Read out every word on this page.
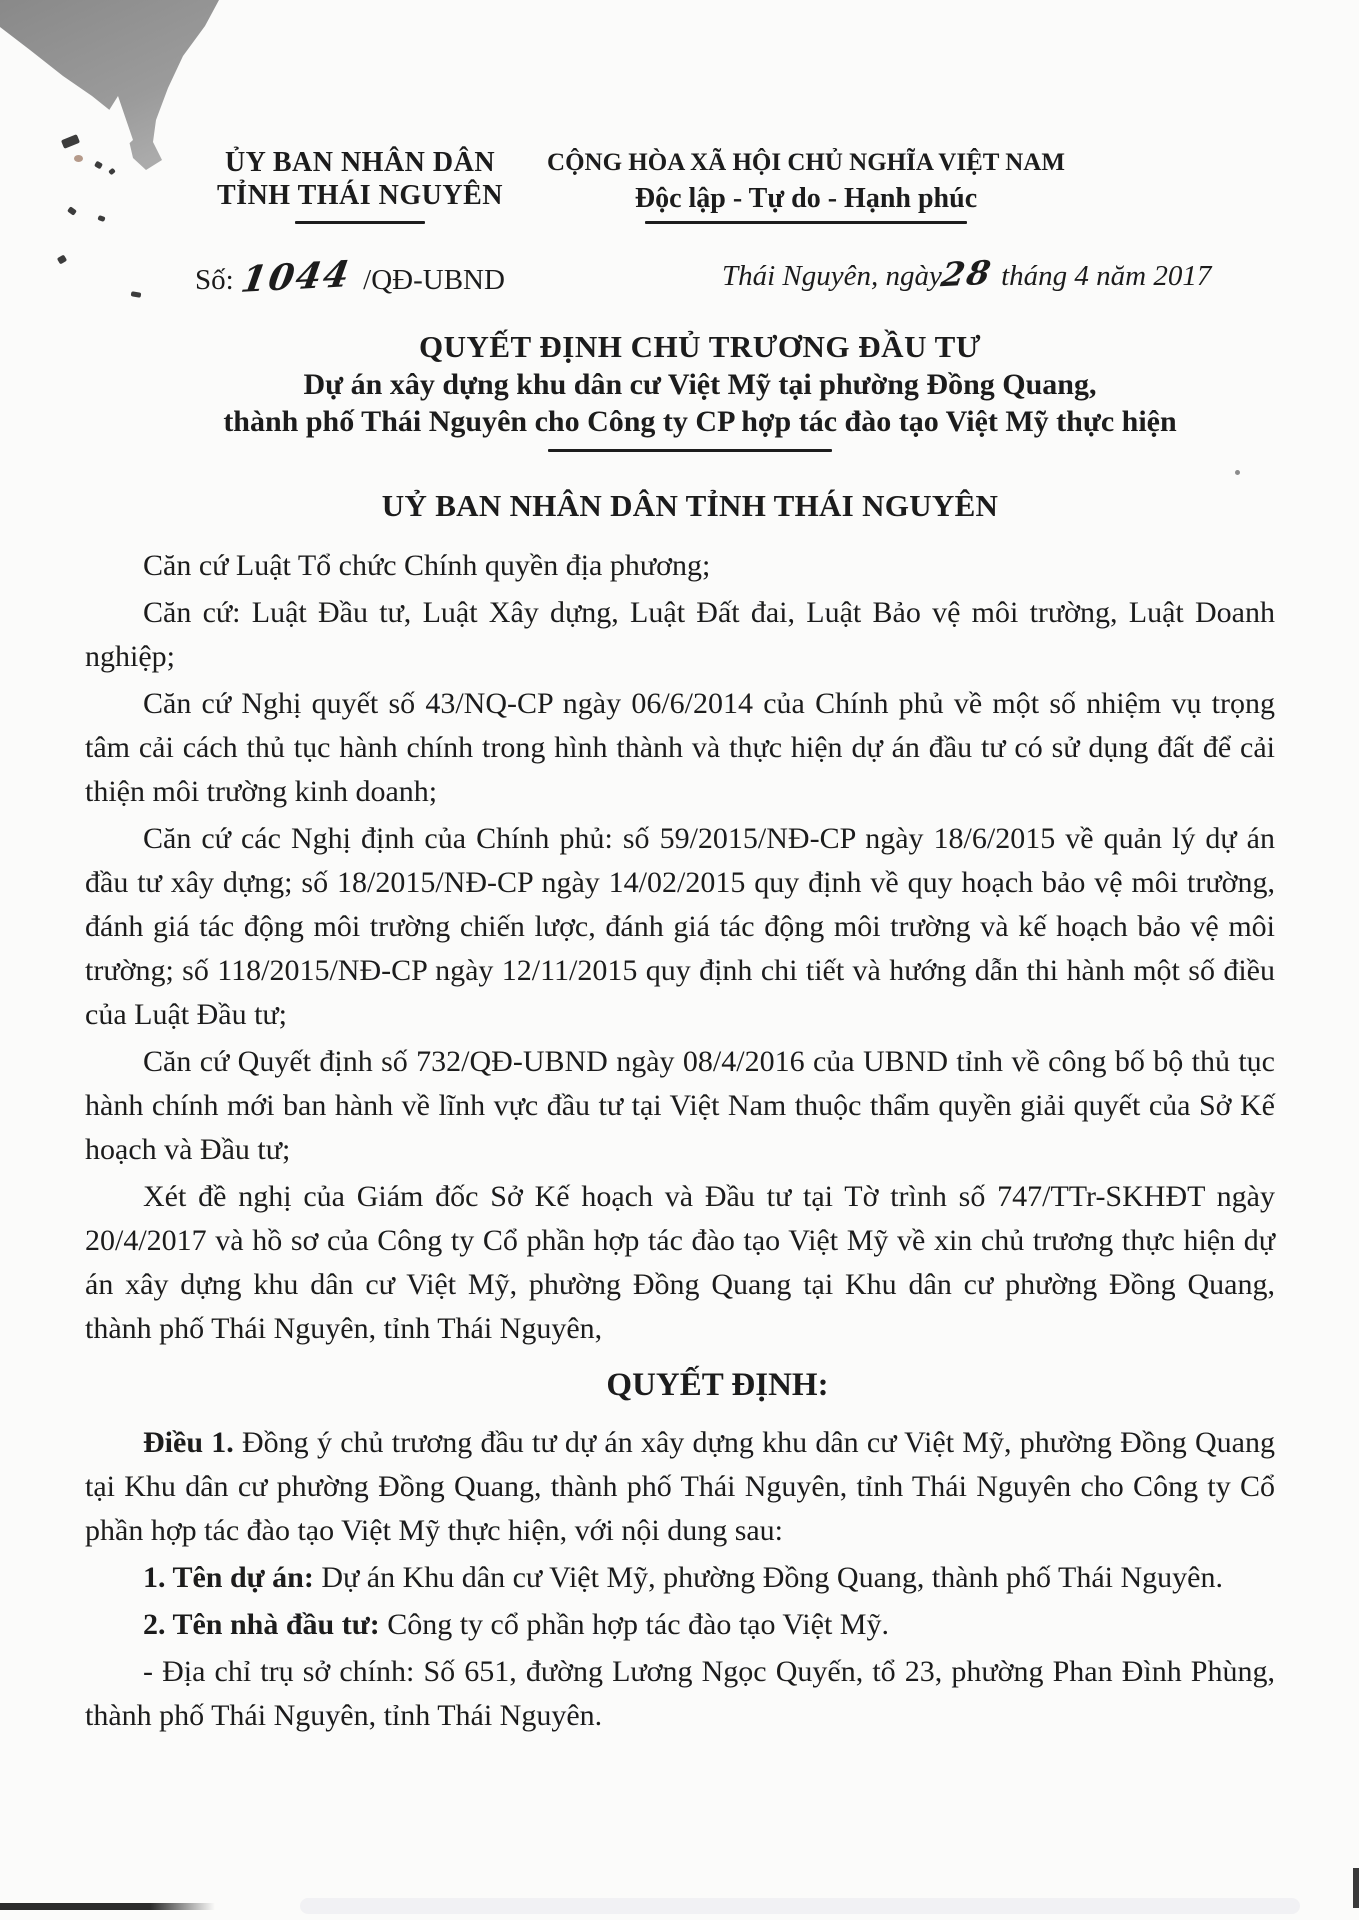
ỦY BAN NHÂN DÂN
TỈNH THÁI NGUYÊN
Số: 1044 /QĐ-UBND
CỘNG HÒA XÃ HỘI CHỦ NGHĨA VIỆT NAM
Độc lập - Tự do - Hạnh phúc
Thái Nguyên, ngày28 tháng 4 năm 2017
QUYẾT ĐỊNH CHỦ TRƯƠNG ĐẦU TƯ
Dự án xây dựng khu dân cư Việt Mỹ tại phường Đồng Quang,
thành phố Thái Nguyên cho Công ty CP hợp tác đào tạo Việt Mỹ thực hiện
UỶ BAN NHÂN DÂN TỈNH THÁI NGUYÊN

Căn cứ Luật Tổ chức Chính quyền địa phương;

Căn cứ: Luật Đầu tư, Luật Xây dựng, Luật Đất đai, Luật Bảo vệ môi trường, Luật Doanh nghiệp;

Căn cứ Nghị quyết số 43/NQ-CP ngày 06/6/2014 của Chính phủ về một số nhiệm vụ trọng tâm cải cách thủ tục hành chính trong hình thành và thực hiện dự án đầu tư có sử dụng đất để cải thiện môi trường kinh doanh;

Căn cứ các Nghị định của Chính phủ: số 59/2015/NĐ-CP ngày 18/6/2015 về quản lý dự án đầu tư xây dựng; số 18/2015/NĐ-CP ngày 14/02/2015 quy định về quy hoạch bảo vệ môi trường, đánh giá tác động môi trường chiến lược, đánh giá tác động môi trường và kế hoạch bảo vệ môi trường; số 118/2015/NĐ-CP ngày 12/11/2015 quy định chi tiết và hướng dẫn thi hành một số điều của Luật Đầu tư;

Căn cứ Quyết định số 732/QĐ-UBND ngày 08/4/2016 của UBND tỉnh về công bố bộ thủ tục hành chính mới ban hành về lĩnh vực đầu tư tại Việt Nam thuộc thẩm quyền giải quyết của Sở Kế hoạch và Đầu tư;

Xét đề nghị của Giám đốc Sở Kế hoạch và Đầu tư tại Tờ trình số 747/TTr-SKHĐT ngày 20/4/2017 và hồ sơ của Công ty Cổ phần hợp tác đào tạo Việt Mỹ về xin chủ trương thực hiện dự án xây dựng khu dân cư Việt Mỹ, phường Đồng Quang tại Khu dân cư phường Đồng Quang, thành phố Thái Nguyên, tỉnh Thái Nguyên,

QUYẾT ĐỊNH:

Điều 1. Đồng ý chủ trương đầu tư dự án xây dựng khu dân cư Việt Mỹ, phường Đồng Quang tại Khu dân cư phường Đồng Quang, thành phố Thái Nguyên, tỉnh Thái Nguyên cho Công ty Cổ phần hợp tác đào tạo Việt Mỹ thực hiện, với nội dung sau:

1. Tên dự án: Dự án Khu dân cư Việt Mỹ, phường Đồng Quang, thành phố Thái Nguyên.

2. Tên nhà đầu tư: Công ty cổ phần hợp tác đào tạo Việt Mỹ.

- Địa chỉ trụ sở chính: Số 651, đường Lương Ngọc Quyến, tổ 23, phường Phan Đình Phùng, thành phố Thái Nguyên, tỉnh Thái Nguyên.
